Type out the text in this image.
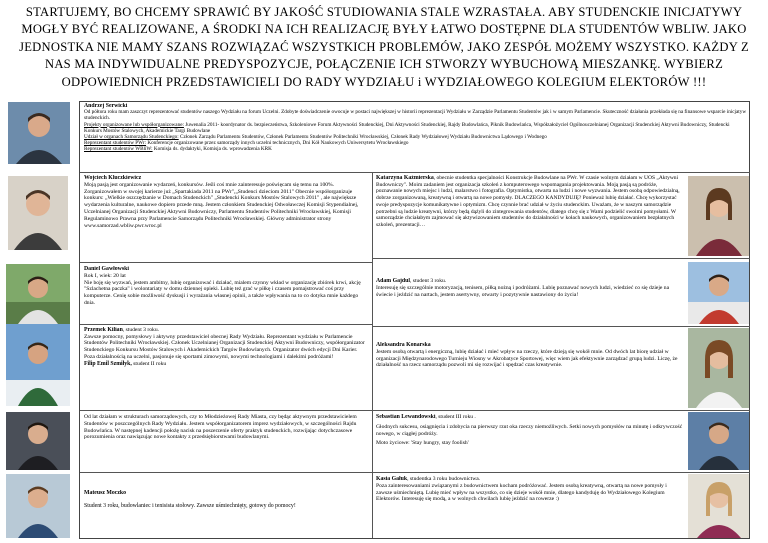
STARTUJEMY, BO CHCEMY SPRAWIĆ BY JAKOŚĆ STUDIOWANIA STALE WZRASTAŁA. ABY STUDENCKIE INICJATYWY
MOGŁY BYĆ REALIZOWANE, A ŚRODKI NA ICH REALIZACJĘ BYŁY ŁATWO DOSTĘPNE DLA STUDENTÓW WBLIW. JAKO
JEDNOSTKA NIE MAMY SZANS ROZWIĄZAĆ WSZYSTKICH PROBLEMÓW, JAKO ZESPÓŁ MOŻEMY WSZYSTKO. KAŻDY Z
NAS MA INDYWIDUALNE PREDYSPOZYCJE, POŁĄCZENIE ICH STWORZY WYBUCHOWĄ MIESZANKĘ. WYBIERZ
ODPOWIEDNICH PRZEDSTAWICIELI DO RADY WYDZIAŁU i WYDZIAŁOWEGO KOLEGIUM ELEKTORÓW !!!
Andrzej Serwicki

Od półtora roku mam zaszczyt reprezentować studentów naszego Wydziału na forum Uczelni. Zdobyte doświadczenie owocuje w postaci największej w historii reprezentacji Wydziału w Zarządzie Parlamentu Studentów jak i w samym Parlamencie. Skuteczność działania przekłada się na finansowe wsparcie inicjatyw studenckich.

Projekty organizowane lub współorganizowane: Juwenalia 2011- koordynator ds. bezpieczeństwa, Szkoleniowe Forum Aktywności Studenckiej, Dni Aktywności Studenckiej, Rajdy Budowlańca, Piknik Budowlańca, Współzałożyciel Ogólnouczelnianej Organizacji Studenckiej Aktywni Budowniczy, Studencki Konkurs Mostów Stalowych, Akademickie Targi Budowlane

Udział w organach Samorządu Studenckiego: Członek Zarządu Parlamentu Studentów, Członek Parlamentu Studentów Politechniki Wrocławskiej, Członek Rady Wydziałowej Wydziału Budownictwa Lądowego i Wodnego

Reprezentant studentów PWr: Konferencje organizowane przez samorządy innych uczelni technicznych, Dni Kół Naukowych Uniwersytetu Wrocławskiego

Reprezentant studentów WBliW: Komisja ds. dydaktyki, Komisja ds. wprowadzenia KRK

Wojciech Kluczkiewicz

Moją pasją jest organizowanie wydarzeń, konkursów. Jeśli coś mnie zainteresuje poświęcam się temu na 100%. Zorganizowałem w swojej karierze już „Spartakiada 2011 na PWr",„Studenci dzieciom 2011" Obecnie współorganizuje konkurs: „Wielkie oszczędzanie w Domach Studenckich" „Studencki Konkurs Mostów Stalowych 2011" , ale największe wydarzenia kulturalne, naukowe dopiero przede mną. Jestem członkiem Studenckiej Odwoławczej Komisji Stypendialnej, Uczelnianej Organizacji Studenckiej Aktywni Budowniczy, Parlamentu Studentów Politechniki Wrocławskiej, Komisji Regulaminowo Prawna przy Parlamencie Samorządu Politechniki Wrocławskiej. Główny administrator strony www.samorzad.wbliw.pwr.wroc.pl

Katarzyna Kaźmierska, obecnie studentka specjalności Konstrukcje Budowlane na PWr. W czasie wolnym działam w UOS „Aktywni Budowniczy". Moim zadaniem jest organizacja szkoleń z komputerowego wspomagania projektowania. Moją pasją są podróże, poznawanie nowych miejsc i ludzi, malarstwo i fotografia. Optymistka, otwarta na ludzi i nowe wyzwania. Jestem osobą odpowiedzialną, dobrze zorganizowaną, kreatywną i otwartą na nowe pomysły. DLACZEGO KANDYDUJĘ? Ponieważ lubię działać. Chcę wykorzystać swoje predyspozycje komunikatywne i optymizm. Chcę czynnie brać udział w życiu studenckim. Uważam, że w naszym samorządzie potrzebni są ludzie kreatywni, którzy będą dążyli do zintegrowania studentów, dlatego chcę się z Wami podzielić swoimi pomysłami. W samorządzie chciałabym zajmować się aktywizowaniem studentów do działalności w kołach naukowych, organizowaniem bezpłatnych szkoleń, prezentacji…

Daniel Gawłowski

Rok I, wiek: 20 lat

Nie boję się wyzwań, jestem ambitny, lubię organizować i działać, mialem czynny wkład w organizację zbiórek krwi, akcję "Szlachetna paczka" i wolontariaty w domu dziennej opieki. Lubię też grać w piłkę i czasem pomajstrować coś przy komputerze. Cenię sobie możliwość dyskusji i wyrażania własnej opinii, a także wpływania na to co dotyka mnie każdego dnia.

Adam Gajdul, student 3 roku.

Interesuję się szczególnie motoryzacją, tenisem, piłką nożną i podróżami. Lubię poznawać nowych ludzi, wiedzieć co się dzieje na świecie i jeździć na nartach, jestem asertywny, otwarty i pozytywnie nastawiony do życia!

Przemek Kilian, student 3 roku.

Zawsze pomocny, pomysłowy i aktywny przedstawiciel obecnej Rady Wydziału. Reprezentant wydziału w Parlamencie Studentów Politechniki Wrocławskiej. Członek Uczelnianej Organizacji Studenckiej Aktywni Budowniczy, współorganizator Studenckiego Konkursu Mostów Stalowych i Akademickich Targów Budowlanych. Organizator dwóch edycji Dni Karier. Poza działalnością na uczelni, pasjonuje się sportami zimowymi, nowymi technologiami i dalekimi podróżami!

Filip Emil Szmiłyk, student II roku

Aleksandra Konarska

Jestem osobą otwartą i energiczną, lubię działać i mieć wpływ na rzeczy, które dzieją się wokół mnie. Od dwóch lat biorę udział w organizacji Międzynarodowego Turnieju Wiosny w Akrobatyce Sportowej, więc wiem jak efektywnie zarządzać grupą ludzi. Liczę, że działalność na rzecz samorządu pozwoli mi się rozwijać i spędzać czas kreatywnie.

Od lat działam w strukturach samorządowych, czy to Młodzieżowej Rady Miasta, czy będąc aktywnym przedstawicielem Studentów w poszczególnych Rady Wydziału. Jestem współorganizatorem imprez wydziałowych, w szczególności Rajdu Budowlańca. W następnej kadencji położę nacisk na poszerzenie oferty praktyk studenckich, rozwijając dotychczasowe porozumienia oraz nawiązując nowe kontakty z przedsiębiorstwami budowlanymi.

Sebastian Lewandowski, student III roku .

Głodnych sukcesu, osiągnięcia i zdobycia na pierwszy rzut oka rzeczy niemożliwych. Setki nowych pomysłów na minutę i odkrywczość nowego, w ciągłej podróży.

Moto życiowe: 'Stay hungry, stay foolish'

Mateusz Moczko

Student 3 roku, budowlaniec i tenisista stołowy. Zawsze uśmiechnięty, gotowy do pomocy!

Kasia Gałuk, studentka 3 roku budownictwa.

Poza zainteresowaniami związanymi z budownictwem kocham podróżować. Jestem osobą kreatywną, otwartą na nowe pomysły i zawsze uśmiechniętą. Lubię mieć wpływ na wszystko, co się dzieje wokół mnie, dlatego kandyduję do Wydziałowego Kolegium Elektorów. Interesuję się modą, a w wolnych chwilach lubię jeździć na rowerze :)
